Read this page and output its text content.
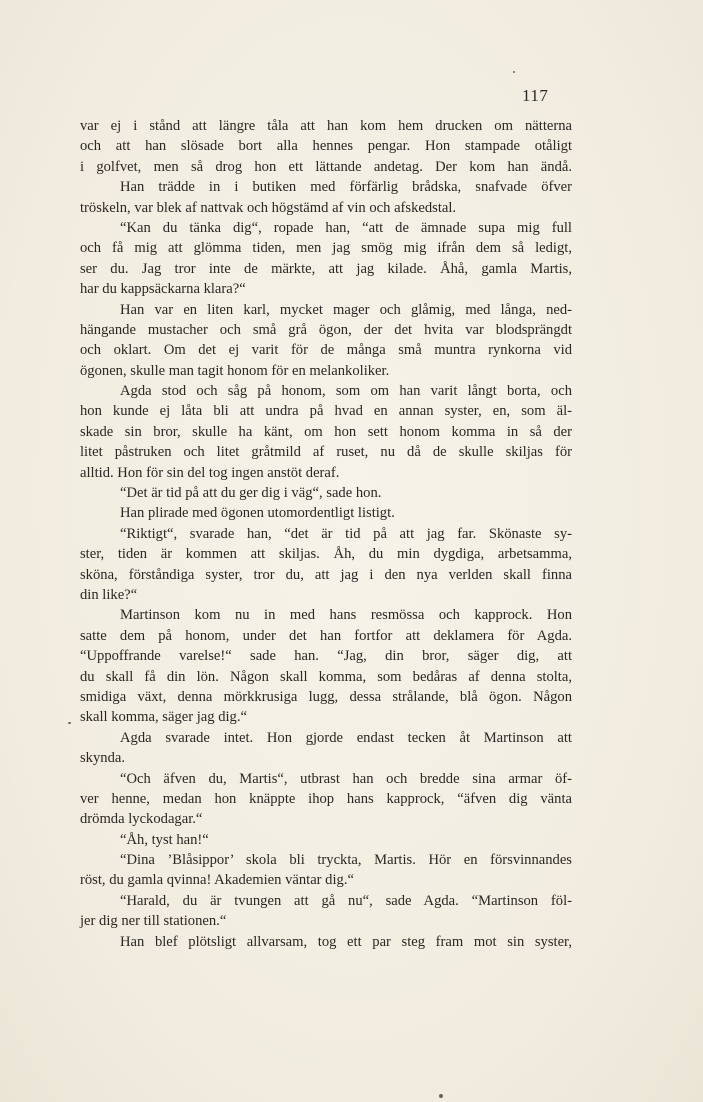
117
var ej i stånd att längre tåla att han kom hem drucken om nätterna
och att han slösade bort alla hennes pengar. Hon stampade otåligt
i golfvet, men så drog hon ett lättande andetag. Der kom han ändå.
Han trädde in i butiken med förfärlig brådska, snafvade öfver
tröskeln, var blek af nattvak och högstämd af vin och afskedstal.
“Kan du tänka dig“, ropade han, “att de ämnade supa mig full
och få mig att glömma tiden, men jag smög mig ifrån dem så ledigt,
ser du. Jag tror inte de märkte, att jag kilade. Åhå, gamla Martis,
har du kappsäckarna klara?“
Han var en liten karl, mycket mager och glåmig, med långa, ned-
hängande mustacher och små grå ögon, der det hvita var blodsprängdt
och oklart. Om det ej varit för de många små muntra rynkorna vid
ögonen, skulle man tagit honom för en melankoliker.
Agda stod och såg på honom, som om han varit långt borta, och
hon kunde ej låta bli att undra på hvad en annan syster, en, som äl-
skade sin bror, skulle ha känt, om hon sett honom komma in så der
litet påstruken och litet gråtmild af ruset, nu då de skulle skiljas för
alltid. Hon för sin del tog ingen anstöt deraf.
“Det är tid på att du ger dig i väg“, sade hon.
Han plirade med ögonen utomordentligt listigt.
“Riktigt“, svarade han, “det är tid på att jag far. Skönaste sy-
ster, tiden är kommen att skiljas. Åh, du min dygdiga, arbetsamma,
sköna, förståndiga syster, tror du, att jag i den nya verlden skall finna
din like?“
Martinson kom nu in med hans resmössa och kapprock. Hon
satte dem på honom, under det han fortfor att deklamera för Agda.
“Uppoffrande varelse!“ sade han. “Jag, din bror, säger dig, att
du skall få din lön. Någon skall komma, som bedåras af denna stolta,
smidiga växt, denna mörkkrusiga lugg, dessa strålande, blå ögon. Någon
skall komma, säger jag dig.“
Agda svarade intet. Hon gjorde endast tecken åt Martinson att
skynda.
“Och äfven du, Martis“, utbrast han och bredde sina armar öf-
ver henne, medan hon knäppte ihop hans kapprock, “äfven dig vänta
drömda lyckodagar.“
“Åh, tyst han!“
“Dina ’Blåsippor’ skola bli tryckta, Martis. Hör en försvinnandes
röst, du gamla qvinna! Akademien väntar dig.“
“Harald, du är tvungen att gå nu“, sade Agda. “Martinson föl-
jer dig ner till stationen.“
Han blef plötsligt allvarsam, tog ett par steg fram mot sin syster,
